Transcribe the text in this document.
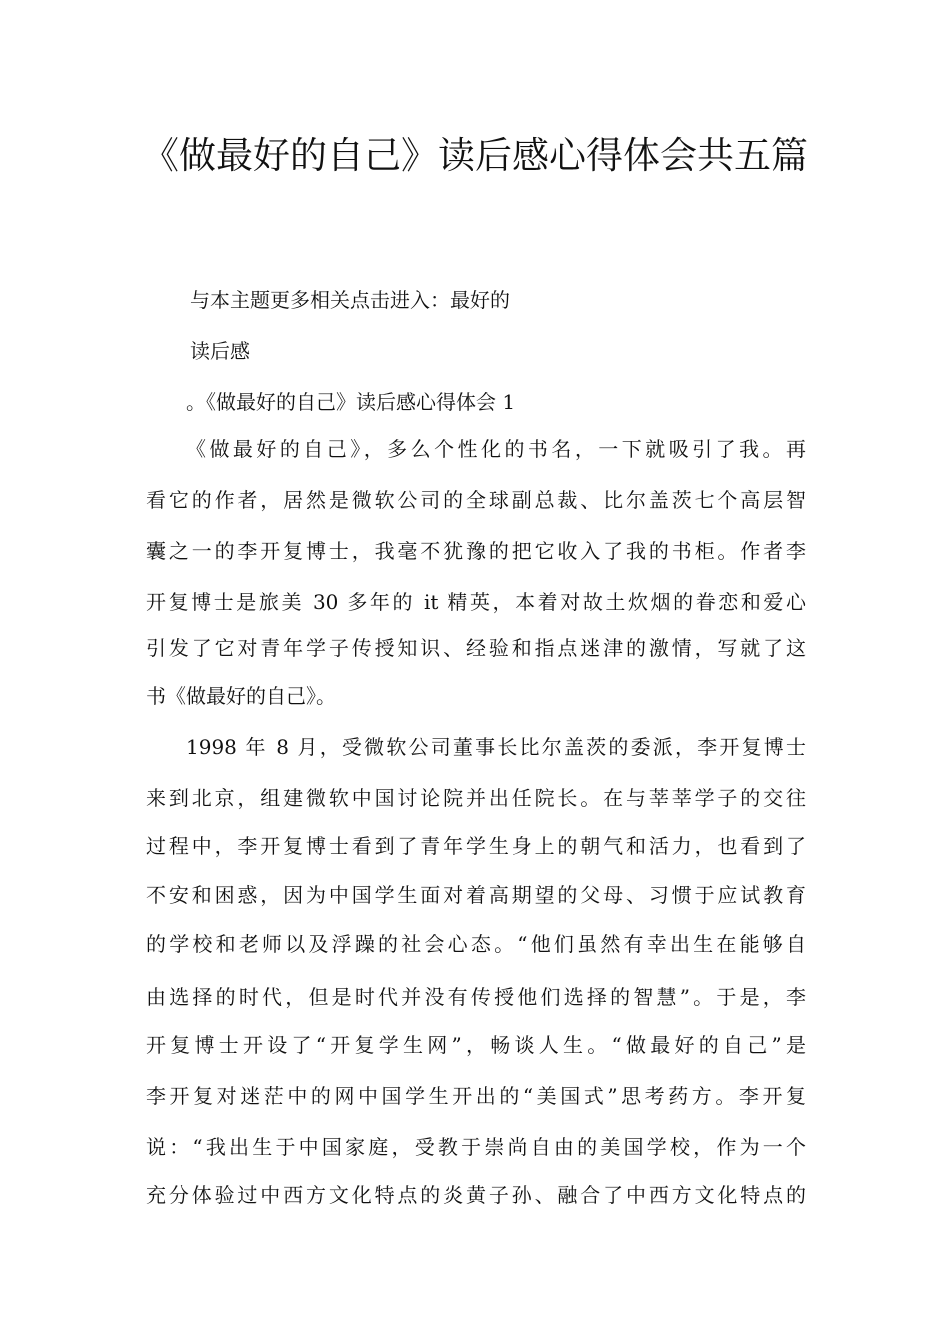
《做最好的自己》读后感心得体会共五篇
与本主题更多相关点击进入：最好的
读后感
。《做最好的自己》读后感心得体会 1
《做最好的自己》，多么个性化的书名，一下就吸引了我。再
看它的作者，居然是微软公司的全球副总裁、比尔盖茨七个高层智
囊之一的李开复博士，我毫不犹豫的把它收入了我的书柜。作者李
开复博士是旅美 30 多年的 it 精英，本着对故土炊烟的眷恋和爱心
引发了它对青年学子传授知识、经验和指点迷津的激情，写就了这
书《做最好的自己》。
1998 年 8 月，受微软公司董事长比尔盖茨的委派，李开复博士
来到北京，组建微软中国讨论院并出任院长。在与莘莘学子的交往
过程中，李开复博士看到了青年学生身上的朝气和活力，也看到了
不安和困惑，因为中国学生面对着高期望的父母、习惯于应试教育
的学校和老师以及浮躁的社会心态。“他们虽然有幸出生在能够自
由选择的时代，但是时代并没有传授他们选择的智慧”。于是，李
开复博士开设了“开复学生网”，畅谈人生。“做最好的自己”是
李开复对迷茫中的网中国学生开出的“美国式”思考药方。李开复
说：“我出生于中国家庭，受教于崇尚自由的美国学校，作为一个
充分体验过中西方文化特点的炎黄子孙、融合了中西方文化特点的
